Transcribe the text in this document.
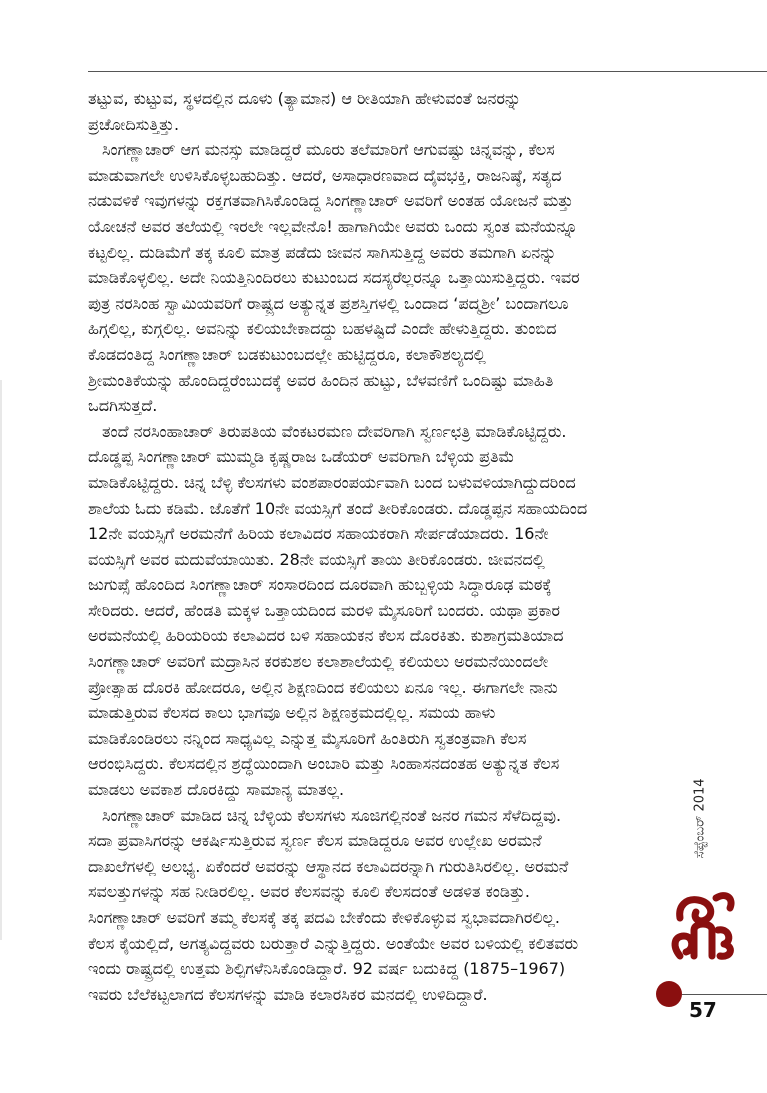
ತಟ್ಟುವ, ಕುಟ್ಟುವ, ಸ್ಥಳದಲ್ಲಿನ ದೂಳು (ತ್ಯಾಮಾನ) ಆ ರೀತಿಯಾಗಿ ಹೇಳುವಂತೆ ಜನರನ್ನು
ಪ್ರಚೋದಿಸುತ್ತಿತ್ತು.

ಸಿಂಗಣ್ಣಾಚಾರ್ ಆಗ ಮನಸ್ಸು ಮಾಡಿದ್ದರೆ ಮೂರು ತಲೆಮಾರಿಗೆ ಆಗುವಷ್ಟು ಚಿನ್ನವನ್ನು, ಕೆಲಸ
ಮಾಡುವಾಗಲೇ ಉಳಿಸಿಕೊಳ್ಳಬಹುದಿತ್ತು. ಆದರೆ, ಅಸಾಧಾರಣವಾದ ದೈವಭಕ್ತಿ, ರಾಜನಿಷ್ಠೆ, ಸತ್ಯದ
ನಡುವಳಿಕೆ ಇವುಗಳನ್ನು ರಕ್ತಗತವಾಗಿಸಿಕೊಂಡಿದ್ದ ಸಿಂಗಣ್ಣಾಚಾರ್ ಅವರಿಗೆ ಅಂತಹ ಯೋಜನೆ ಮತ್ತು
ಯೋಚನೆ ಅವರ ತಲೆಯಲ್ಲಿ ಇರಲೇ ಇಲ್ಲವೇನೊ! ಹಾಗಾಗಿಯೇ ಅವರು ಒಂದು ಸ್ವಂತ ಮನೆಯನ್ನೂ
ಕಟ್ಟಲಿಲ್ಲ. ದುಡಿಮೆಗೆ ತಕ್ಕ ಕೂಲಿ ಮಾತ್ರ ಪಡೆದು ಜೀವನ ಸಾಗಿಸುತ್ತಿದ್ದ ಅವರು ತಮಗಾಗಿ ಏನನ್ನು
ಮಾಡಿಕೊಳ್ಳಲಿಲ್ಲ. ಅದೇ ನಿಯತ್ತಿನಿಂದಿರಲು ಕುಟುಂಬದ ಸದಸ್ಯರೆಲ್ಲರನ್ನೂ ಒತ್ತಾಯಿಸುತ್ತಿದ್ದರು. ಇವರ
ಪುತ್ರ ನರಸಿಂಹ ಸ್ವಾಮಿಯವರಿಗೆ ರಾಷ್ಟ್ರದ ಅತ್ಯುನ್ನತ ಪ್ರಶಸ್ತಿಗಳಲ್ಲಿ ಒಂದಾದ ‘ಪದ್ಮಶ್ರೀ’ ಬಂದಾಗಲೂ
ಹಿಗ್ಗಲಿಲ್ಲ, ಕುಗ್ಗಲಿಲ್ಲ. ಅವನಿನ್ನು ಕಲಿಯಬೇಕಾದದ್ದು ಬಹಳಷ್ಟಿದೆ ಎಂದೇ ಹೇಳುತ್ತಿದ್ದರು. ತುಂಬಿದ
ಕೊಡದಂತಿದ್ದ ಸಿಂಗಣ್ಣಾಚಾರ್ ಬಡಕುಟುಂಬದಲ್ಲೇ ಹುಟ್ಟಿದ್ದರೂ, ಕಲಾಕೌಶಲ್ಯದಲ್ಲಿ
ಶ್ರೀಮಂತಿಕೆಯನ್ನು ಹೊಂದಿದ್ದರೆಂಬುದಕ್ಕೆ ಅವರ ಹಿಂದಿನ ಹುಟ್ಟು, ಬೆಳವಣಿಗೆ ಒಂದಿಷ್ಟು ಮಾಹಿತಿ
ಒದಗಿಸುತ್ತದೆ.

ತಂದೆ ನರಸಿಂಹಾಚಾರ್ ತಿರುಪತಿಯ ವೆಂಕಟರಮಣ ದೇವರಿಗಾಗಿ ಸ್ವರ್ಣಛತ್ರಿ ಮಾಡಿಕೊಟ್ಟಿದ್ದರು.
ದೊಡ್ಡಪ್ಪ ಸಿಂಗಣ್ಣಾಚಾರ್ ಮುಮ್ಮಡಿ ಕೃಷ್ಣರಾಜ ಒಡೆಯರ್ ಅವರಿಗಾಗಿ ಬೆಳ್ಳಿಯ ಪ್ರತಿಮೆ
ಮಾಡಿಕೊಟ್ಟಿದ್ದರು. ಚಿನ್ನ ಬೆಳ್ಳಿ ಕೆಲಸಗಳು ವಂಶಪಾರಂಪರ್ಯವಾಗಿ ಬಂದ ಬಳುವಳಿಯಾಗಿದ್ದುದರಿಂದ
ಶಾಲೆಯ ಓದು ಕಡಿಮೆ. ಜೊತೆಗೆ 10ನೇ ವಯಸ್ಸಿಗೆ ತಂದೆ ತೀರಿಕೊಂಡರು. ದೊಡ್ಡಪ್ಪನ ಸಹಾಯದಿಂದ
12ನೇ ವಯಸ್ಸಿಗೆ ಅರಮನೆಗೆ ಹಿರಿಯ ಕಲಾವಿದರ ಸಹಾಯಕರಾಗಿ ಸೇರ್ಪಡೆಯಾದರು. 16ನೇ
ವಯಸ್ಸಿಗೆ ಅವರ ಮದುವೆಯಾಯಿತು. 28ನೇ ವಯಸ್ಸಿಗೆ ತಾಯಿ ತೀರಿಕೊಂಡರು. ಜೀವನದಲ್ಲಿ
ಜುಗುಪ್ಸೆ ಹೊಂದಿದ ಸಿಂಗಣ್ಣಾಚಾರ್ ಸಂಸಾರದಿಂದ ದೂರವಾಗಿ ಹುಬ್ಬಳ್ಳಿಯ ಸಿದ್ಧಾರೂಢ ಮಠಕ್ಕೆ
ಸೇರಿದರು. ಆದರೆ, ಹೆಂಡತಿ ಮಕ್ಕಳ ಒತ್ತಾಯದಿಂದ ಮರಳಿ ಮೈಸೂರಿಗೆ ಬಂದರು. ಯಥಾ ಪ್ರಕಾರ
ಅರಮನೆಯಲ್ಲಿ ಹಿರಿಯರಿಯ ಕಲಾವಿದರ ಬಳಿ ಸಹಾಯಕನ ಕೆಲಸ ದೊರಕಿತು. ಕುಶಾಗ್ರಮತಿಯಾದ
ಸಿಂಗಣ್ಣಾಚಾರ್ ಅವರಿಗೆ ಮದ್ರಾಸಿನ ಕರಕುಶಲ ಕಲಾಶಾಲೆಯಲ್ಲಿ ಕಲಿಯಲು ಅರಮನೆಯಿಂದಲೇ
ಪ್ರೋತ್ಸಾಹ ದೊರಕಿ ಹೋದರೂ, ಅಲ್ಲಿನ ಶಿಕ್ಷಣದಿಂದ ಕಲಿಯಲು ಏನೂ ಇಲ್ಲ. ಈಗಾಗಲೇ ನಾನು
ಮಾಡುತ್ತಿರುವ ಕೆಲಸದ ಕಾಲು ಭಾಗವೂ ಅಲ್ಲಿನ ಶಿಕ್ಷಣಕ್ರಮದಲ್ಲಿಲ್ಲ. ಸಮಯ ಹಾಳು
ಮಾಡಿಕೊಂಡಿರಲು ನನ್ನಿಂದ ಸಾಧ್ಯವಿಲ್ಲ ಎನ್ನುತ್ತ ಮೈಸೂರಿಗೆ ಹಿಂತಿರುಗಿ ಸ್ವತಂತ್ರವಾಗಿ ಕೆಲಸ
ಆರಂಭಿಸಿದ್ದರು. ಕೆಲಸದಲ್ಲಿನ ಶ್ರದ್ಧೆಯಿಂದಾಗಿ ಅಂಬಾರಿ ಮತ್ತು ಸಿಂಹಾಸನದಂತಹ ಅತ್ಯುನ್ನತ ಕೆಲಸ
ಮಾಡಲು ಅವಕಾಶ ದೊರಕಿದ್ದು ಸಾಮಾನ್ಯ ಮಾತಲ್ಲ.

ಸಿಂಗಣ್ಣಾಚಾರ್ ಮಾಡಿದ ಚಿನ್ನ ಬೆಳ್ಳಿಯ ಕೆಲಸಗಳು ಸೂಜಿಗಲ್ಲಿನಂತೆ ಜನರ ಗಮನ ಸೆಳೆದಿದ್ದವು.
ಸದಾ ಪ್ರವಾಸಿಗರನ್ನು ಆಕರ್ಷಿಸುತ್ತಿರುವ ಸ್ವರ್ಣ ಕೆಲಸ ಮಾಡಿದ್ದರೂ ಅವರ ಉಲ್ಲೇಖ ಅರಮನೆ
ದಾಖಲೆಗಳಲ್ಲಿ ಅಲಭ್ಯ. ಏಕೆಂದರೆ ಅವರನ್ನು ಆಸ್ಥಾನದ ಕಲಾವಿದರನ್ನಾಗಿ ಗುರುತಿಸಿರಲಿಲ್ಲ. ಅರಮನೆ
ಸವಲತ್ತುಗಳನ್ನು ಸಹ ನೀಡಿರಲಿಲ್ಲ. ಅವರ ಕೆಲಸವನ್ನು ಕೂಲಿ ಕೆಲಸದಂತೆ ಅಡಳಿತ ಕಂಡಿತ್ತು.
ಸಿಂಗಣ್ಣಾಚಾರ್ ಅವರಿಗೆ ತಮ್ಮ ಕೆಲಸಕ್ಕೆ ತಕ್ಕ ಪದವಿ ಬೇಕೆಂದು ಕೇಳಿಕೊಳ್ಳುವ ಸ್ವಭಾವದಾಗಿರಲಿಲ್ಲ.
ಕೆಲಸ ಕೈಯಲ್ಲಿದೆ, ಅಗತ್ಯವಿದ್ದವರು ಬರುತ್ತಾರೆ ಎನ್ನುತ್ತಿದ್ದರು. ಅಂತೆಯೇ ಅವರ ಬಳಿಯಲ್ಲಿ ಕಲಿತವರು
ಇಂದು ರಾಷ್ಟ್ರದಲ್ಲಿ ಉತ್ತಮ ಶಿಲ್ಪಿಗಳೆನಿಸಿಕೊಂಡಿದ್ದಾರೆ. 92 ವರ್ಷ ಬದುಕಿದ್ದ (1875–1967)
ಇವರು ಬೆಲೆಕಟ್ಟಲಾಗದ ಕೆಲಸಗಳನ್ನು ಮಾಡಿ ಕಲಾರಸಿಕರ ಮನದಲ್ಲಿ ಉಳಿದಿದ್ದಾರೆ.

ಸೆಪ್ಟೆಂಬರ್ 2014
57
